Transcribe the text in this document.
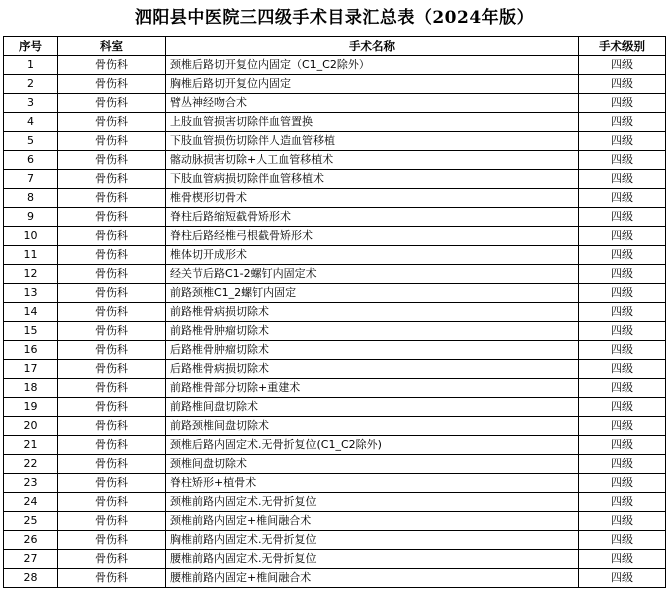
泗阳县中医院三四级手术目录汇总表（2024年版）
序号	科室	手术名称	手术级别
1	骨伤科	颈椎后路切开复位内固定（C1_C2除外）	四级
2	骨伤科	胸椎后路切开复位内固定	四级
3	骨伤科	臂丛神经吻合术	四级
4	骨伤科	上肢血管损害切除伴血管置换	四级
5	骨伤科	下肢血管损伤切除伴人造血管移植	四级
6	骨伤科	髂动脉损害切除+人工血管移植术	四级
7	骨伤科	下肢血管病损切除伴血管移植术	四级
8	骨伤科	椎骨楔形切骨术	四级
9	骨伤科	脊柱后路缩短截骨矫形术	四级
10	骨伤科	脊柱后路经椎弓根截骨矫形术	四级
11	骨伤科	椎体切开成形术	四级
12	骨伤科	经关节后路C1-2螺钉内固定术	四级
13	骨伤科	前路颈椎C1_2螺钉内固定	四级
14	骨伤科	前路椎骨病损切除术	四级
15	骨伤科	前路椎骨肿瘤切除术	四级
16	骨伤科	后路椎骨肿瘤切除术	四级
17	骨伤科	后路椎骨病损切除术	四级
18	骨伤科	前路椎骨部分切除+重建术	四级
19	骨伤科	前路椎间盘切除术	四级
20	骨伤科	前路颈椎间盘切除术	四级
21	骨伤科	颈椎后路内固定术.无骨折复位(C1_C2除外)	四级
22	骨伤科	颈椎间盘切除术	四级
23	骨伤科	脊柱矫形+植骨术	四级
24	骨伤科	颈椎前路内固定术.无骨折复位	四级
25	骨伤科	颈椎前路内固定+椎间融合术	四级
26	骨伤科	胸椎前路内固定术.无骨折复位	四级
27	骨伤科	腰椎前路内固定术.无骨折复位	四级
28	骨伤科	腰椎前路内固定+椎间融合术	四级
